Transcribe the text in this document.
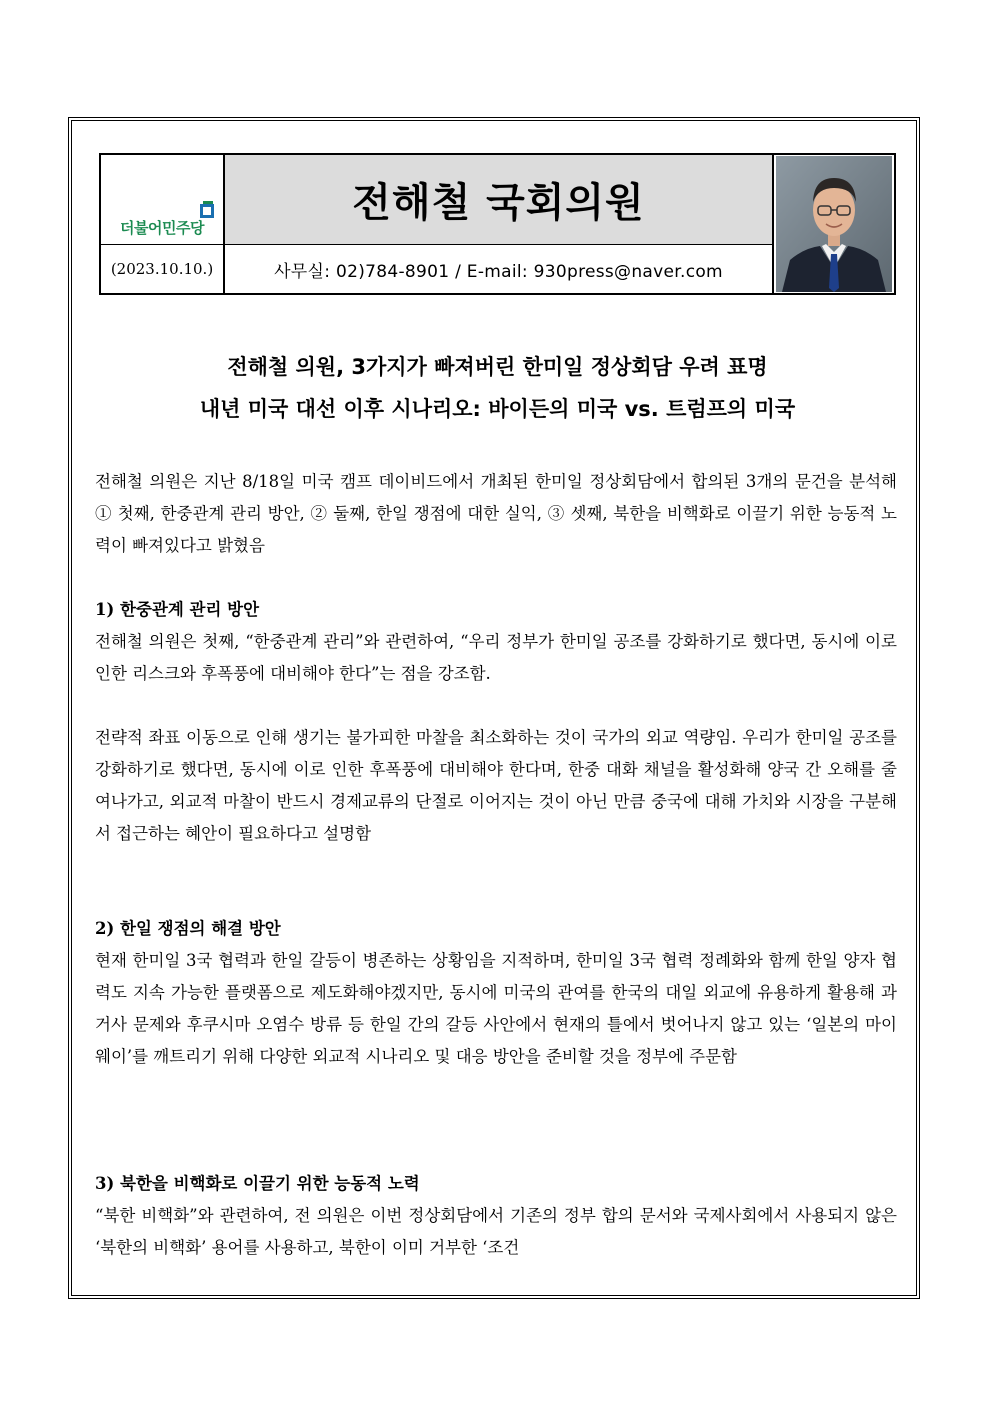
더불어민주당
(2023.10.10.)
전해철 국회의원
사무실: 02)784-8901 / E-mail: 930press@naver.com
전해철 의원, 3가지가 빠져버린 한미일 정상회담 우려 표명
내년 미국 대선 이후 시나리오: 바이든의 미국 vs. 트럼프의 미국
전해철 의원은 지난 8/18일 미국 캠프 데이비드에서 개최된 한미일 정상회담에서 합의된 3개의 문건을 분석해 ① 첫째, 한중관계 관리 방안, ② 둘째, 한일 쟁점에 대한 실익, ③ 셋째, 북한을 비핵화로 이끌기 위한 능동적 노력이 빠져있다고 밝혔음

1) 한중관계 관리 방안

전해철 의원은 첫째, “한중관계 관리”와 관련하여, “우리 정부가 한미일 공조를 강화하기로 했다면, 동시에 이로 인한 리스크와 후폭풍에 대비해야 한다”는 점을 강조함.

전략적 좌표 이동으로 인해 생기는 불가피한 마찰을 최소화하는 것이 국가의 외교 역량임. 우리가 한미일 공조를 강화하기로 했다면, 동시에 이로 인한 후폭풍에 대비해야 한다며, 한중 대화 채널을 활성화해 양국 간 오해를 줄여나가고, 외교적 마찰이 반드시 경제교류의 단절로 이어지는 것이 아닌 만큼 중국에 대해 가치와 시장을 구분해서 접근하는 혜안이 필요하다고 설명함

2) 한일 쟁점의 해결 방안

현재 한미일 3국 협력과 한일 갈등이 병존하는 상황임을 지적하며, 한미일 3국 협력 정례화와 함께 한일 양자 협력도 지속 가능한 플랫폼으로 제도화해야겠지만, 동시에 미국의 관여를 한국의 대일 외교에 유용하게 활용해 과거사 문제와 후쿠시마 오염수 방류 등 한일 간의 갈등 사안에서 현재의 틀에서 벗어나지 않고 있는 ‘일본의 마이웨이’를 깨트리기 위해 다양한 외교적 시나리오 및 대응 방안을 준비할 것을 정부에 주문함

3) 북한을 비핵화로 이끌기 위한 능동적 노력

“북한 비핵화”와 관련하여, 전 의원은 이번 정상회담에서 기존의 정부 합의 문서와 국제사회에서 사용되지 않은 ‘북한의 비핵화’ 용어를 사용하고, 북한이 이미 거부한 ‘조건
